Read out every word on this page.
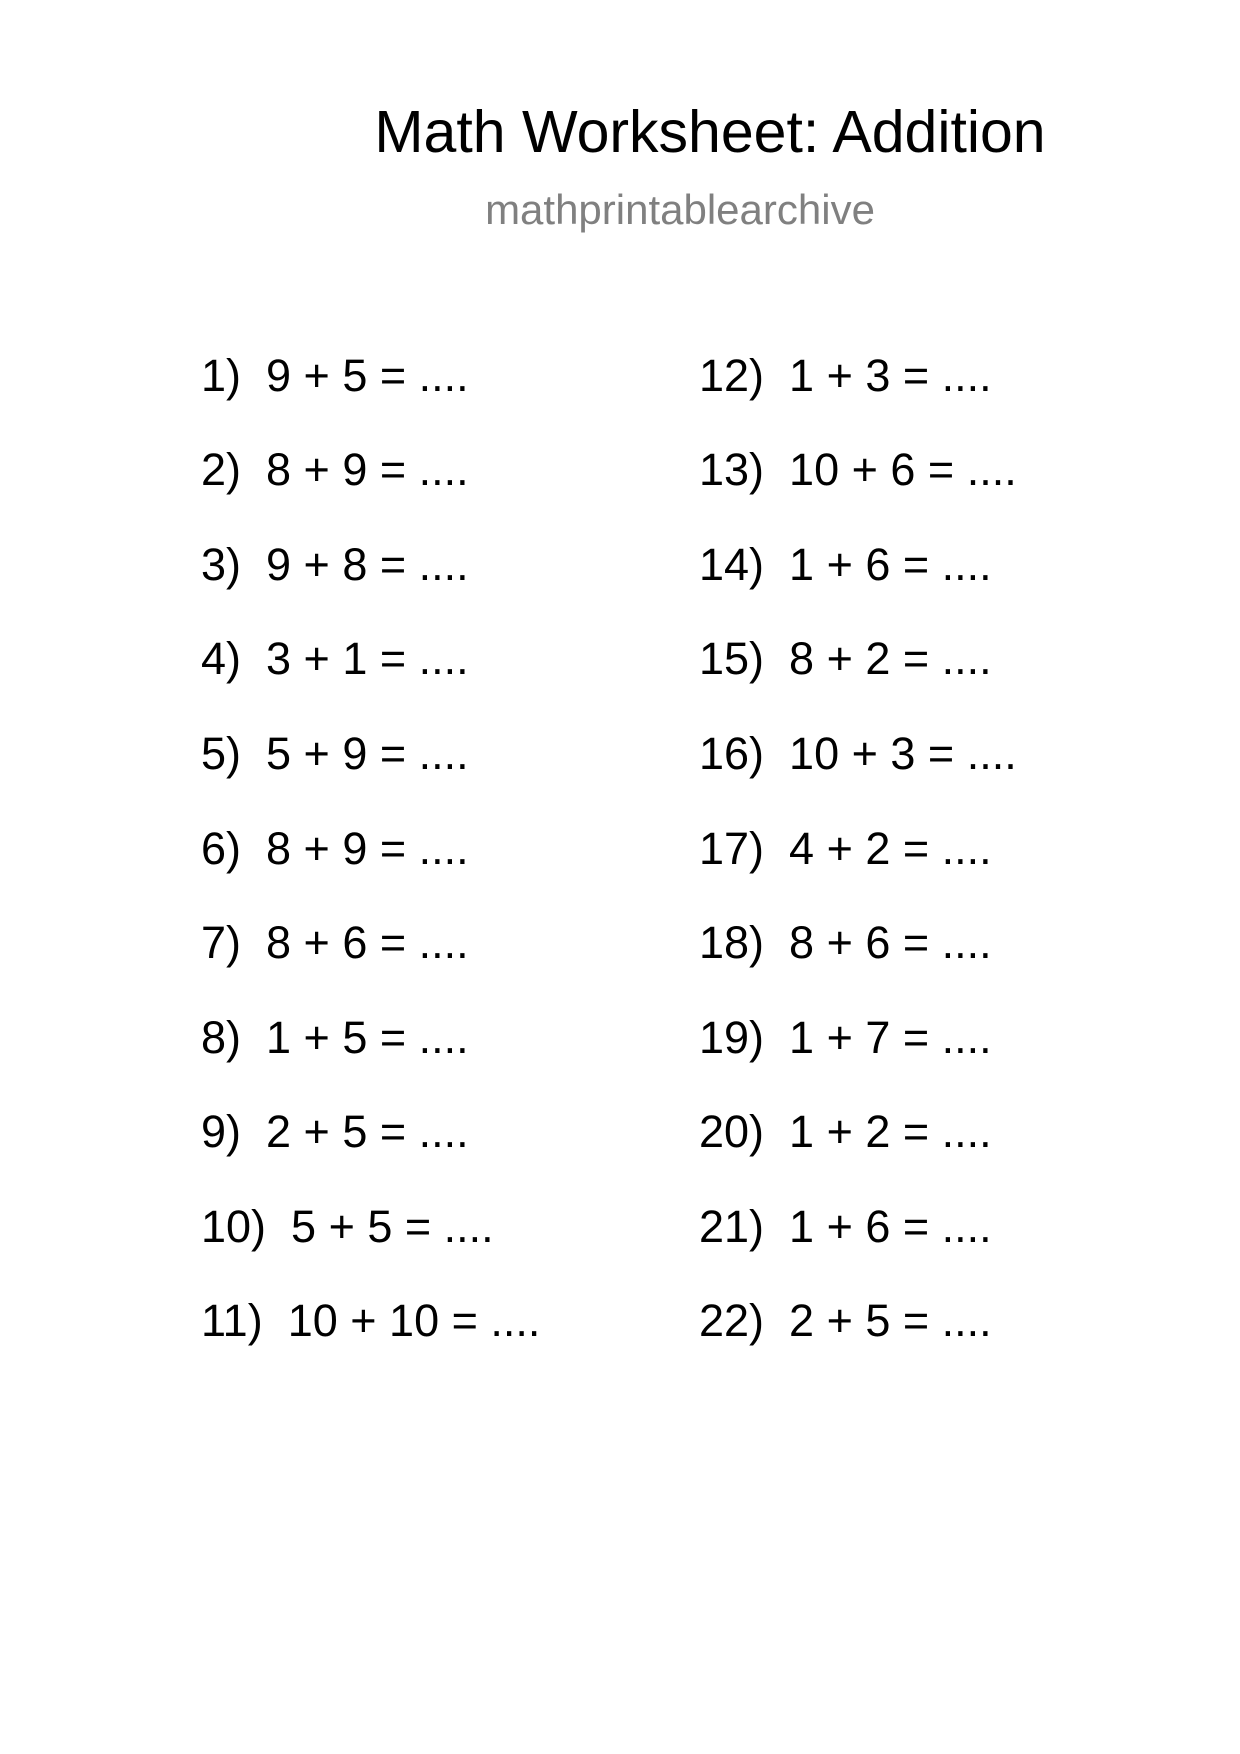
Math Worksheet: Addition
mathprintablearchive
1)  9 + 5 = ....
2)  8 + 9 = ....
3)  9 + 8 = ....
4)  3 + 1 = ....
5)  5 + 9 = ....
6)  8 + 9 = ....
7)  8 + 6 = ....
8)  1 + 5 = ....
9)  2 + 5 = ....
10)  5 + 5 = ....
11)  10 + 10 = ....
12)  1 + 3 = ....
13)  10 + 6 = ....
14)  1 + 6 = ....
15)  8 + 2 = ....
16)  10 + 3 = ....
17)  4 + 2 = ....
18)  8 + 6 = ....
19)  1 + 7 = ....
20)  1 + 2 = ....
21)  1 + 6 = ....
22)  2 + 5 = ....
